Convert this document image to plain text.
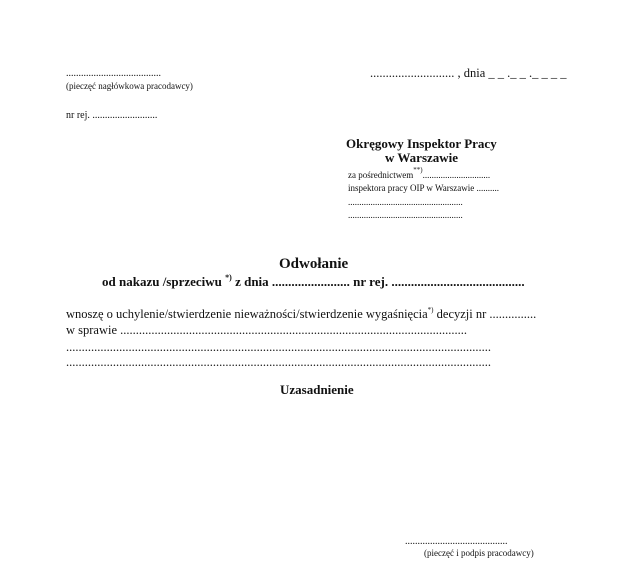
......................................
(pieczęć nagłówkowa pracodawcy)
........................... , dnia _ _ ._ _ ._ _ _ _
nr rej. ..........................
Okręgowy Inspektor Pracy
w Warszawie
za pośrednictwem**)..............................
inspektora pracy OIP w Warszawie ..........
...................................................
...................................................
Odwołanie
od nakazu /sprzeciwu *) z dnia ........................ nr rej. .........................................
wnoszę o uchylenie/stwierdzenie nieważności/stwierdzenie wygaśnięcia*) decyzji nr ...............
w sprawie ...............................................................................................................
........................................................................................................................................
........................................................................................................................................
Uzasadnienie
.........................................
(pieczęć i podpis pracodawcy)
